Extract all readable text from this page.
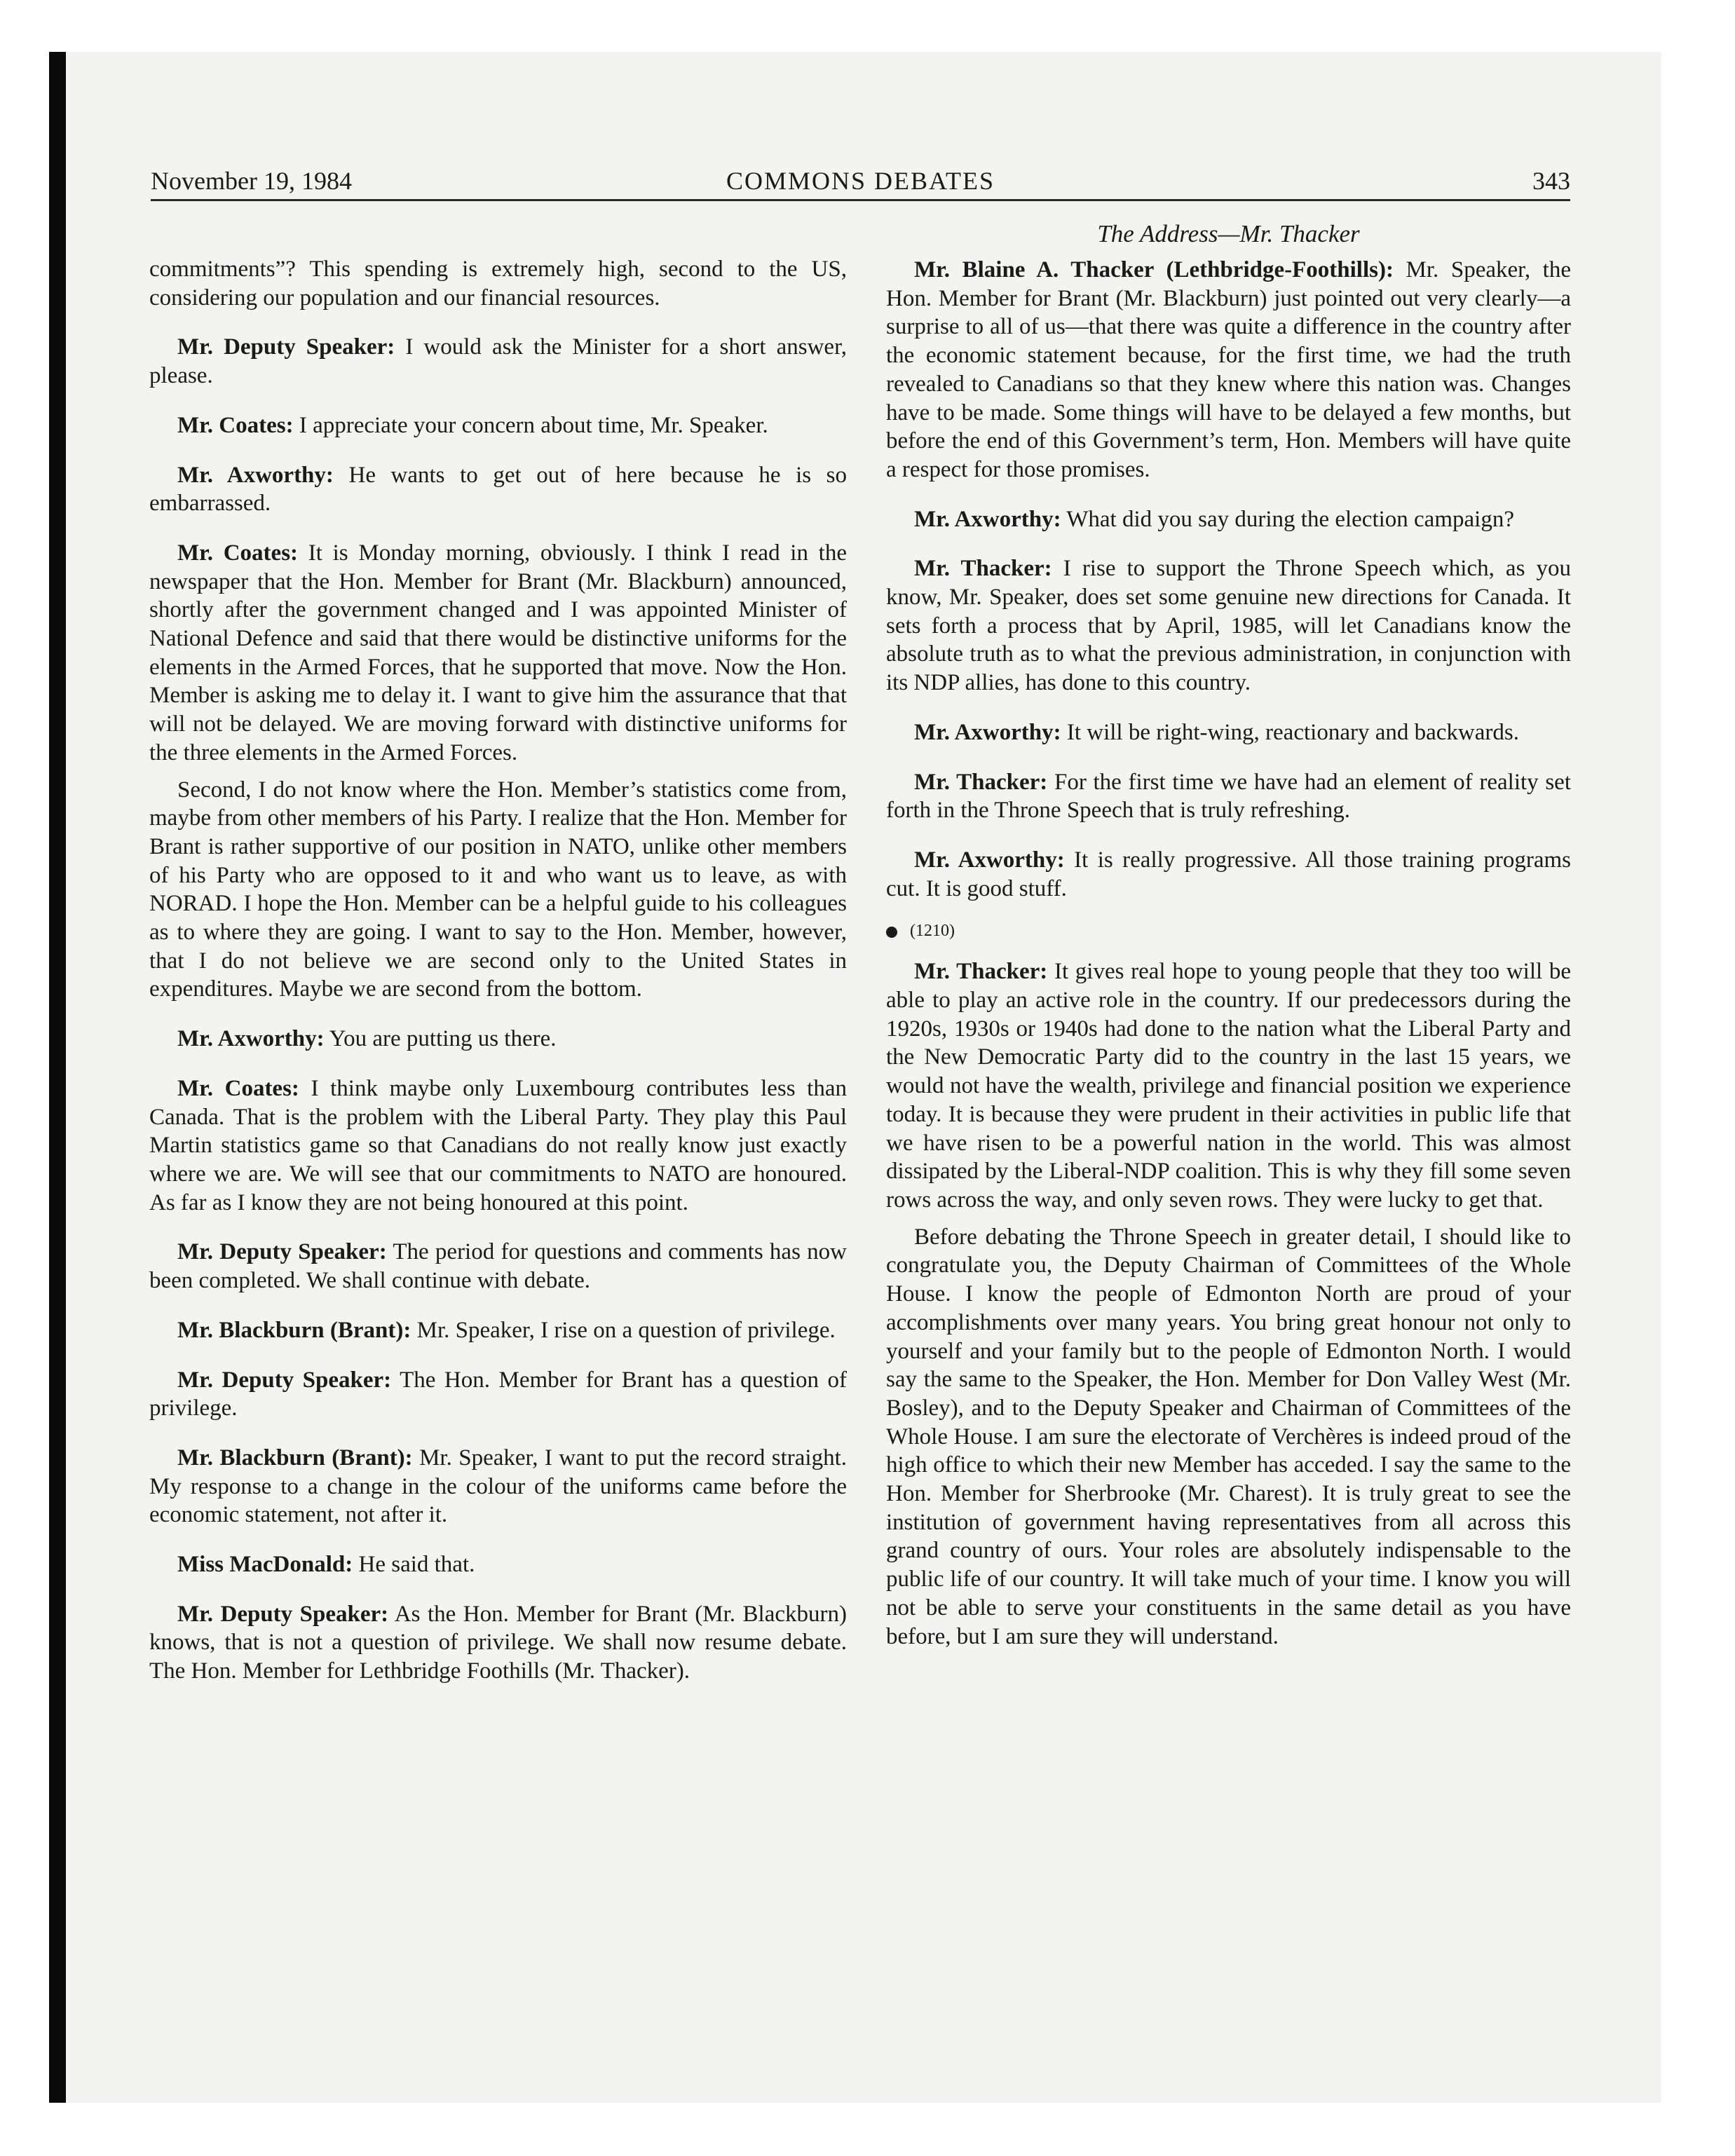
November 19, 1984	COMMONS DEBATES	343
The Address—Mr. Thacker

commitments”? This spending is extremely high, second to the US, considering our population and our financial resources.

Mr. Deputy Speaker: I would ask the Minister for a short answer, please.

Mr. Coates: I appreciate your concern about time, Mr. Speaker.

Mr. Axworthy: He wants to get out of here because he is so embarrassed.

Mr. Coates: It is Monday morning, obviously. I think I read in the newspaper that the Hon. Member for Brant (Mr. Blackburn) announced, shortly after the government changed and I was appointed Minister of National Defence and said that there would be distinctive uniforms for the elements in the Armed Forces, that he supported that move. Now the Hon. Member is asking me to delay it. I want to give him the assurance that that will not be delayed. We are moving forward with distinctive uniforms for the three elements in the Armed Forces.

Second, I do not know where the Hon. Member’s statistics come from, maybe from other members of his Party. I realize that the Hon. Member for Brant is rather supportive of our position in NATO, unlike other members of his Party who are opposed to it and who want us to leave, as with NORAD. I hope the Hon. Member can be a helpful guide to his colleagues as to where they are going. I want to say to the Hon. Member, however, that I do not believe we are second only to the United States in expenditures. Maybe we are second from the bottom.

Mr. Axworthy: You are putting us there.

Mr. Coates: I think maybe only Luxembourg contributes less than Canada. That is the problem with the Liberal Party. They play this Paul Martin statistics game so that Canadians do not really know just exactly where we are. We will see that our commitments to NATO are honoured. As far as I know they are not being honoured at this point.

Mr. Deputy Speaker: The period for questions and comments has now been completed. We shall continue with debate.

Mr. Blackburn (Brant): Mr. Speaker, I rise on a question of privilege.

Mr. Deputy Speaker: The Hon. Member for Brant has a question of privilege.

Mr. Blackburn (Brant): Mr. Speaker, I want to put the record straight. My response to a change in the colour of the uniforms came before the economic statement, not after it.

Miss MacDonald: He said that.

Mr. Deputy Speaker: As the Hon. Member for Brant (Mr. Blackburn) knows, that is not a question of privilege. We shall now resume debate. The Hon. Member for Lethbridge Foothills (Mr. Thacker).

Mr. Blaine A. Thacker (Lethbridge-Foothills): Mr. Speaker, the Hon. Member for Brant (Mr. Blackburn) just pointed out very clearly—a surprise to all of us—that there was quite a difference in the country after the economic statement because, for the first time, we had the truth revealed to Canadians so that they knew where this nation was. Changes have to be made. Some things will have to be delayed a few months, but before the end of this Government’s term, Hon. Members will have quite a respect for those promises.

Mr. Axworthy: What did you say during the election campaign?

Mr. Thacker: I rise to support the Throne Speech which, as you know, Mr. Speaker, does set some genuine new directions for Canada. It sets forth a process that by April, 1985, will let Canadians know the absolute truth as to what the previous administration, in conjunction with its NDP allies, has done to this country.

Mr. Axworthy: It will be right-wing, reactionary and backwards.

Mr. Thacker: For the first time we have had an element of reality set forth in the Throne Speech that is truly refreshing.

Mr. Axworthy: It is really progressive. All those training programs cut. It is good stuff.

(1210)

Mr. Thacker: It gives real hope to young people that they too will be able to play an active role in the country. If our predecessors during the 1920s, 1930s or 1940s had done to the nation what the Liberal Party and the New Democratic Party did to the country in the last 15 years, we would not have the wealth, privilege and financial position we experience today. It is because they were prudent in their activities in public life that we have risen to be a powerful nation in the world. This was almost dissipated by the Liberal-NDP coalition. This is why they fill some seven rows across the way, and only seven rows. They were lucky to get that.

Before debating the Throne Speech in greater detail, I should like to congratulate you, the Deputy Chairman of Committees of the Whole House. I know the people of Edmonton North are proud of your accomplishments over many years. You bring great honour not only to yourself and your family but to the people of Edmonton North. I would say the same to the Speaker, the Hon. Member for Don Valley West (Mr. Bosley), and to the Deputy Speaker and Chairman of Committees of the Whole House. I am sure the electorate of Verchères is indeed proud of the high office to which their new Member has acceded. I say the same to the Hon. Member for Sherbrooke (Mr. Charest). It is truly great to see the institution of government having representatives from all across this grand country of ours. Your roles are absolutely indispensable to the public life of our country. It will take much of your time. I know you will not be able to serve your constituents in the same detail as you have before, but I am sure they will understand.
